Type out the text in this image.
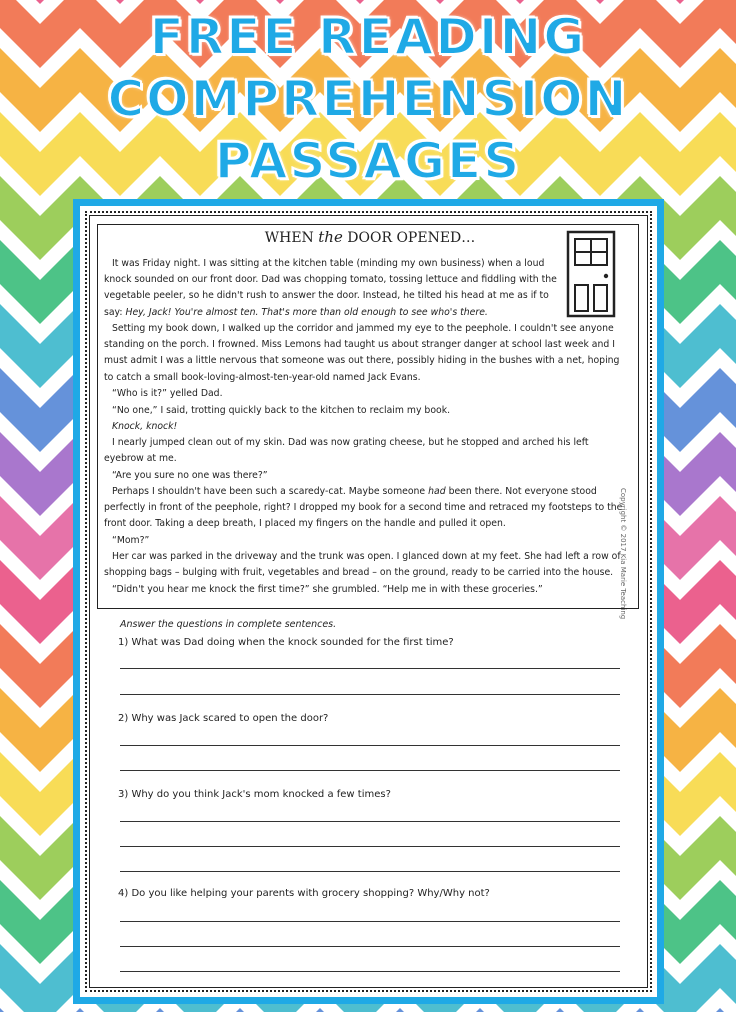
FREE READING
COMPREHENSION
PASSAGES
WHEN the DOOR OPENED…

It was Friday night. I was sitting at the kitchen table (minding my own business) when a loud knock sounded on our front door. Dad was chopping tomato, tossing lettuce and fiddling with the vegetable peeler, so he didn't rush to answer the door. Instead, he tilted his head at me as if to say: Hey, Jack! You're almost ten. That's more than old enough to see who's there.

Setting my book down, I walked up the corridor and jammed my eye to the peephole. I couldn't see anyone standing on the porch. I frowned. Miss Lemons had taught us about stranger danger at school last week and I must admit I was a little nervous that someone was out there, possibly hiding in the bushes with a net, hoping to catch a small book-loving-almost-ten-year-old named Jack Evans.

“Who is it?” yelled Dad.

“No one,” I said, trotting quickly back to the kitchen to reclaim my book.

Knock, knock!

I nearly jumped clean out of my skin. Dad was now grating cheese, but he stopped and arched his left eyebrow at me.

“Are you sure no one was there?”

Perhaps I shouldn't have been such a scaredy-cat. Maybe someone had been there. Not everyone stood perfectly in front of the peephole, right? I dropped my book for a second time and retraced my footsteps to the front door. Taking a deep breath, I placed my fingers on the handle and pulled it open.

“Mom?”

Her car was parked in the driveway and the trunk was open. I glanced down at my feet. She had left a row of shopping bags – bulging with fruit, vegetables and bread – on the ground, ready to be carried into the house.

“Didn't you hear me knock the first time?” she grumbled. “Help me in with these groceries.”	Copyright © 2017 Kia Marie Teaching
Answer the questions in complete sentences.
1) What was Dad doing when the knock sounded for the first time?
2) Why was Jack scared to open the door?
3) Why do you think Jack's mom knocked a few times?
4) Do you like helping your parents with grocery shopping? Why/Why not?
